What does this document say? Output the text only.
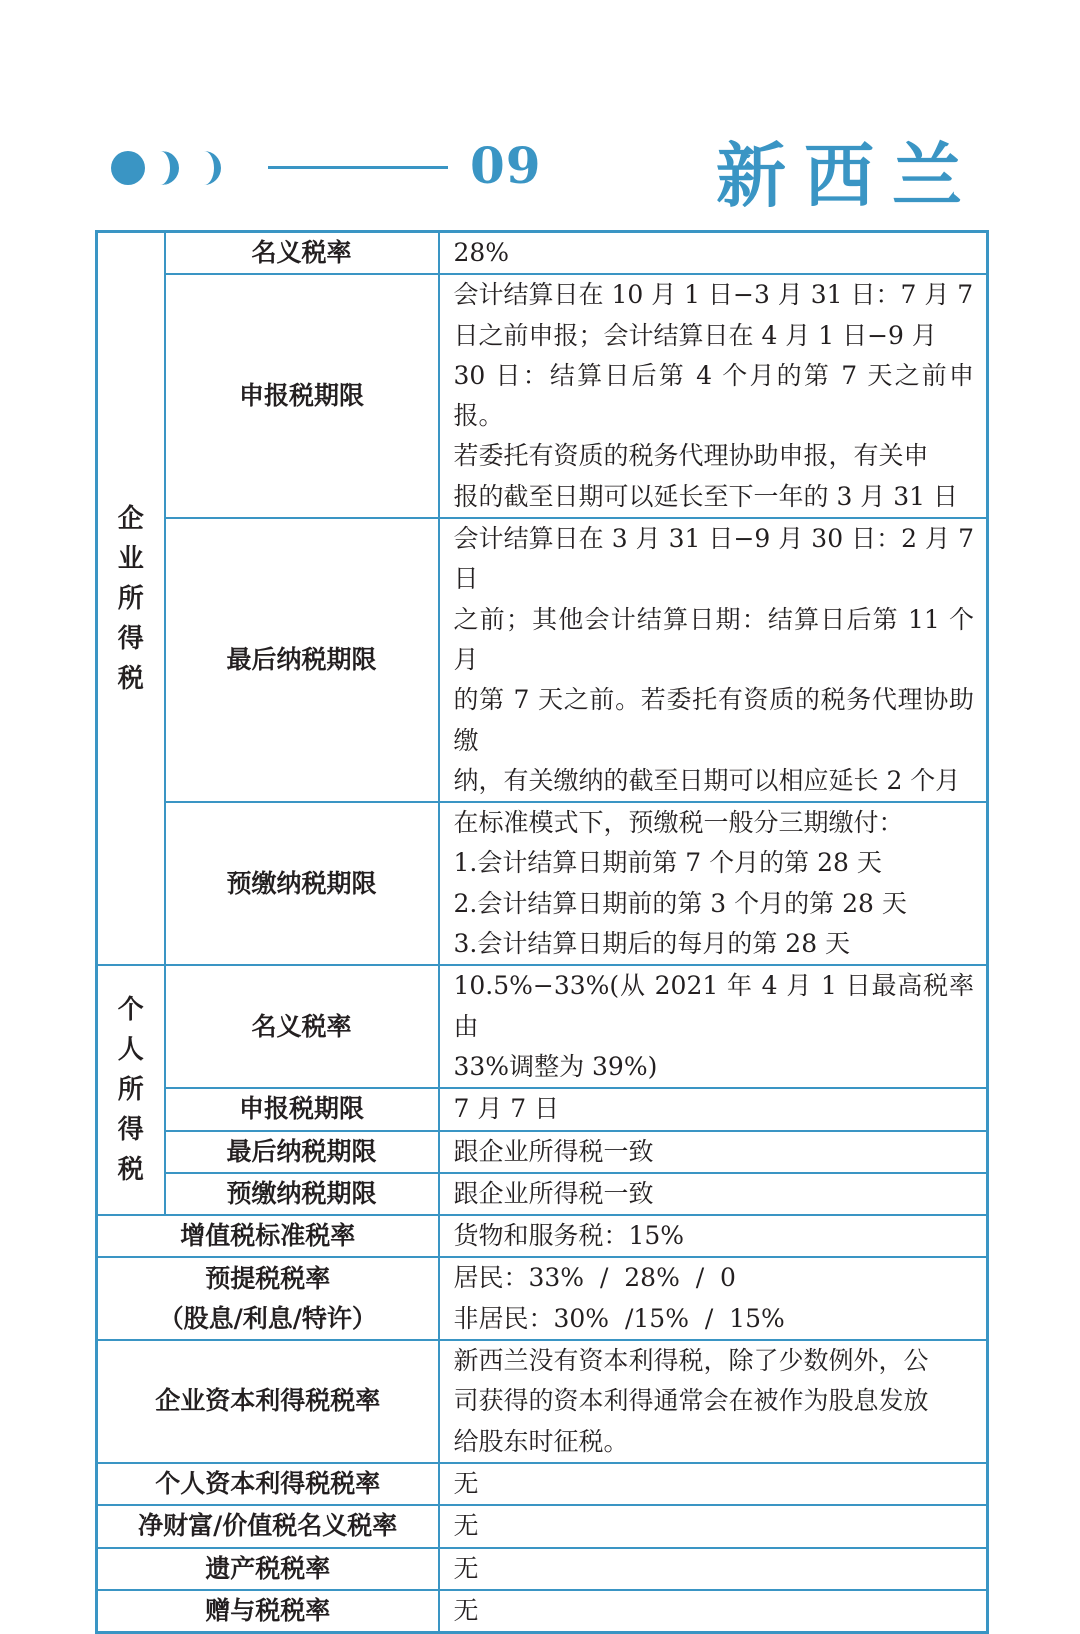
09 新西兰
企
业
所
得
税	名义税率	28%
	申报税期限	会计结算日在 10 月 1 日−3 月 31 日：7 月 7
日之前申报；会计结算日在 4 月 1 日−9 月
30 日：结算日后第 4 个月的第 7 天之前申报。
若委托有资质的税务代理协助申报，有关申
报的截至日期可以延长至下一年的 3 月 31 日

	最后纳税期限	会计结算日在 3 月 31 日−9 月 30 日：2 月 7 日
之前；其他会计结算日期：结算日后第 11 个月
的第 7 天之前。若委托有资质的税务代理协助缴
纳，有关缴纳的截至日期可以相应延长 2 个月

	预缴纳税期限	在标准模式下，预缴税一般分三期缴付：
1.会计结算日期前第 7 个月的第 28 天
2.会计结算日期前的第 3 个月的第 28 天
3.会计结算日期后的每月的第 28 天

个
人
所
得
税	名义税率	10.5%−33%(从 2021 年 4 月 1 日最高税率由
33%调整为 39%)

	申报税期限	7 月 7 日
	最后纳税期限	跟企业所得税一致
	预缴纳税期限	跟企业所得税一致
增值税标准税率		货物和服务税：15%

预提税税率
（股息/利息/特许）		居民：33%  /  28%  /  0
非居民：30%  /15%  /  15%

企业资本利得税税率		新西兰没有资本利得税，除了少数例外，公
司获得的资本利得通常会在被作为股息发放
给股东时征税。

个人资本利得税税率		无
净财富/价值税名义税率		无
遗产税税率		无
赠与税税率		无
